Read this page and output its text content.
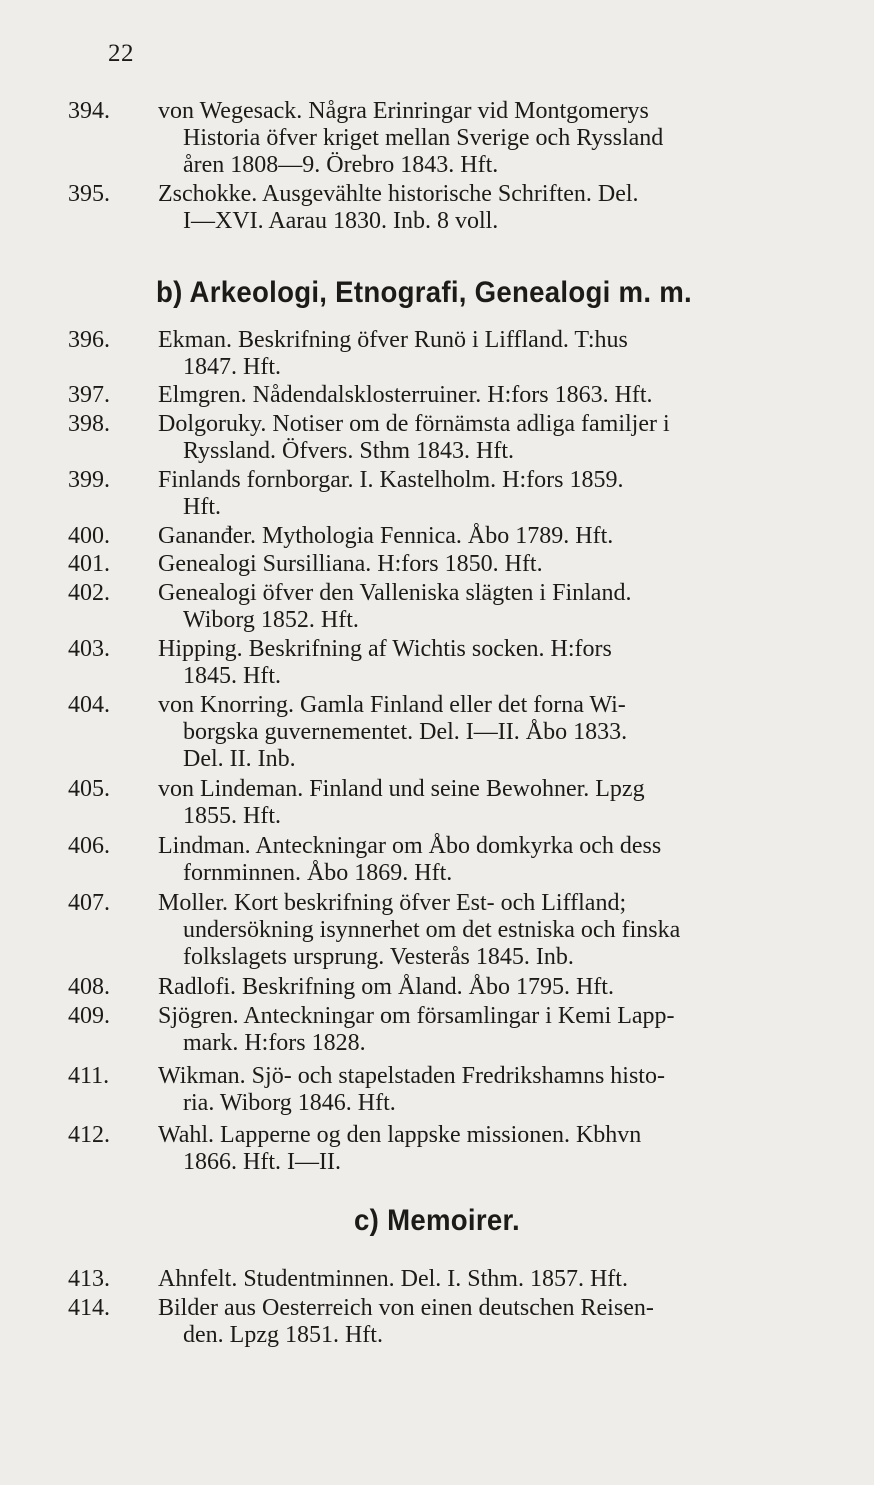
22
394.	von Wegesack. Några Erinringar vid Montgomerys
Historia öfver kriget mellan Sverige och Ryssland
åren 1808—9. Örebro 1843. Hft.
395.	Zschokke. Ausgevählte historische Schriften. Del.
I—XVI. Aarau 1830. Inb. 8 voll.
b) Arkeologi, Etnografi, Genealogi m. m.
396.	Ekman. Beskrifning öfver Runö i Liffland. T:hus
1847. Hft.
397.	Elmgren. Nådendalsklosterruiner. H:fors 1863. Hft.
398.	Dolgoruky. Notiser om de förnämsta adliga familjer i
Ryssland. Öfvers. Sthm 1843. Hft.
399.	Finlands fornborgar. I. Kastelholm. H:fors 1859.
Hft.
400.	Gananđer. Mythologia Fennica. Åbo 1789. Hft.
401.	Genealogi Sursilliana. H:fors 1850. Hft.
402.	Genealogi öfver den Valleniska slägten i Finland.
Wiborg 1852. Hft.
403.	Hipping. Beskrifning af Wichtis socken. H:fors
1845. Hft.
404.	von Knorring. Gamla Finland eller det forna Wi-
borgska guvernementet. Del. I—II. Åbo 1833.
Del. II. Inb.
405.	von Lindeman. Finland und seine Bewohner. Lpzg
1855. Hft.
406.	Lindman. Anteckningar om Åbo domkyrka och dess
fornminnen. Åbo 1869. Hft.
407.	Moller. Kort beskrifning öfver Est- och Liffland;
undersökning isynnerhet om det estniska och finska
folkslagets ursprung. Vesterås 1845. Inb.
408.	Radlofi. Beskrifning om Åland. Åbo 1795. Hft.
409.	Sjögren. Anteckningar om församlingar i Kemi Lapp-
mark. H:fors 1828.
411.	Wikman. Sjö- och stapelstaden Fredrikshamns histo-
ria. Wiborg 1846. Hft.
412.	Wahl. Lapperne og den lappske missionen. Kbhvn
1866. Hft. I—II.
c) Memoirer.
413.	Ahnfelt. Studentminnen. Del. I. Sthm. 1857. Hft.
414.	Bilder aus Oesterreich von einen deutschen Reisen-
den. Lpzg 1851. Hft.
